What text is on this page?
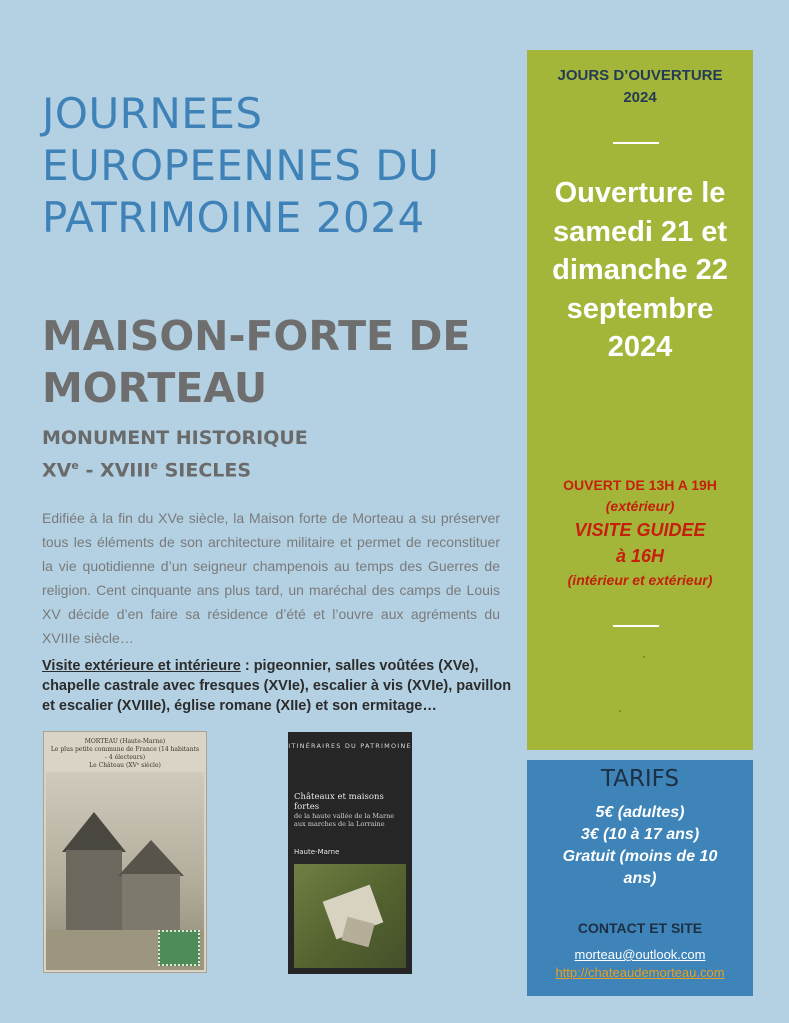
JOURNEES
EUROPEENNES DU
PATRIMOINE 2024
MAISON-FORTE DE
MORTEAU
MONUMENT HISTORIQUE
XVe - XVIIIe SIECLES
Edifiée à la fin du XVe siècle, la Maison forte de Morteau a su préserver tous les éléments de son architecture militaire et permet de reconstituer la vie quotidienne d’un seigneur champenois au temps des Guerres de religion. Cent cinquante ans plus tard, un maréchal des camps de Louis XV décide d’en faire sa résidence d’été et l’ouvre aux agréments du XVIIIe siècle…
Visite extérieure et intérieure : pigeonnier, salles voûtées (XVe), chapelle castrale avec fresques (XVIe), escalier à vis (XVIe), pavillon et escalier (XVIIIe), église romane (XIIe) et son ermitage…
MORTEAU (Haute-Marne)
Le plus petite commune de France (14 habitants - 4 électeurs)
Le Château (XVᵉ siècle)
ITINÉRAIRES DU PATRIMOINE
Châteaux et maisons fortes
de la haute vallée de la Marne
aux marches de la Lorraine
Haute-Marne
JOURS D’OUVERTURE
2024
Ouverture le
samedi 21 et
dimanche 22
septembre
2024
OUVERT DE 13H A 19H
(extérieur)
VISITE GUIDEE
à 16H
(intérieur et extérieur)
TARIFS
5€ (adultes)
3€ (10 à 17 ans)
Gratuit (moins de 10
ans)
CONTACT ET SITE
morteau@outlook.com
http://chateaudemorteau.com
